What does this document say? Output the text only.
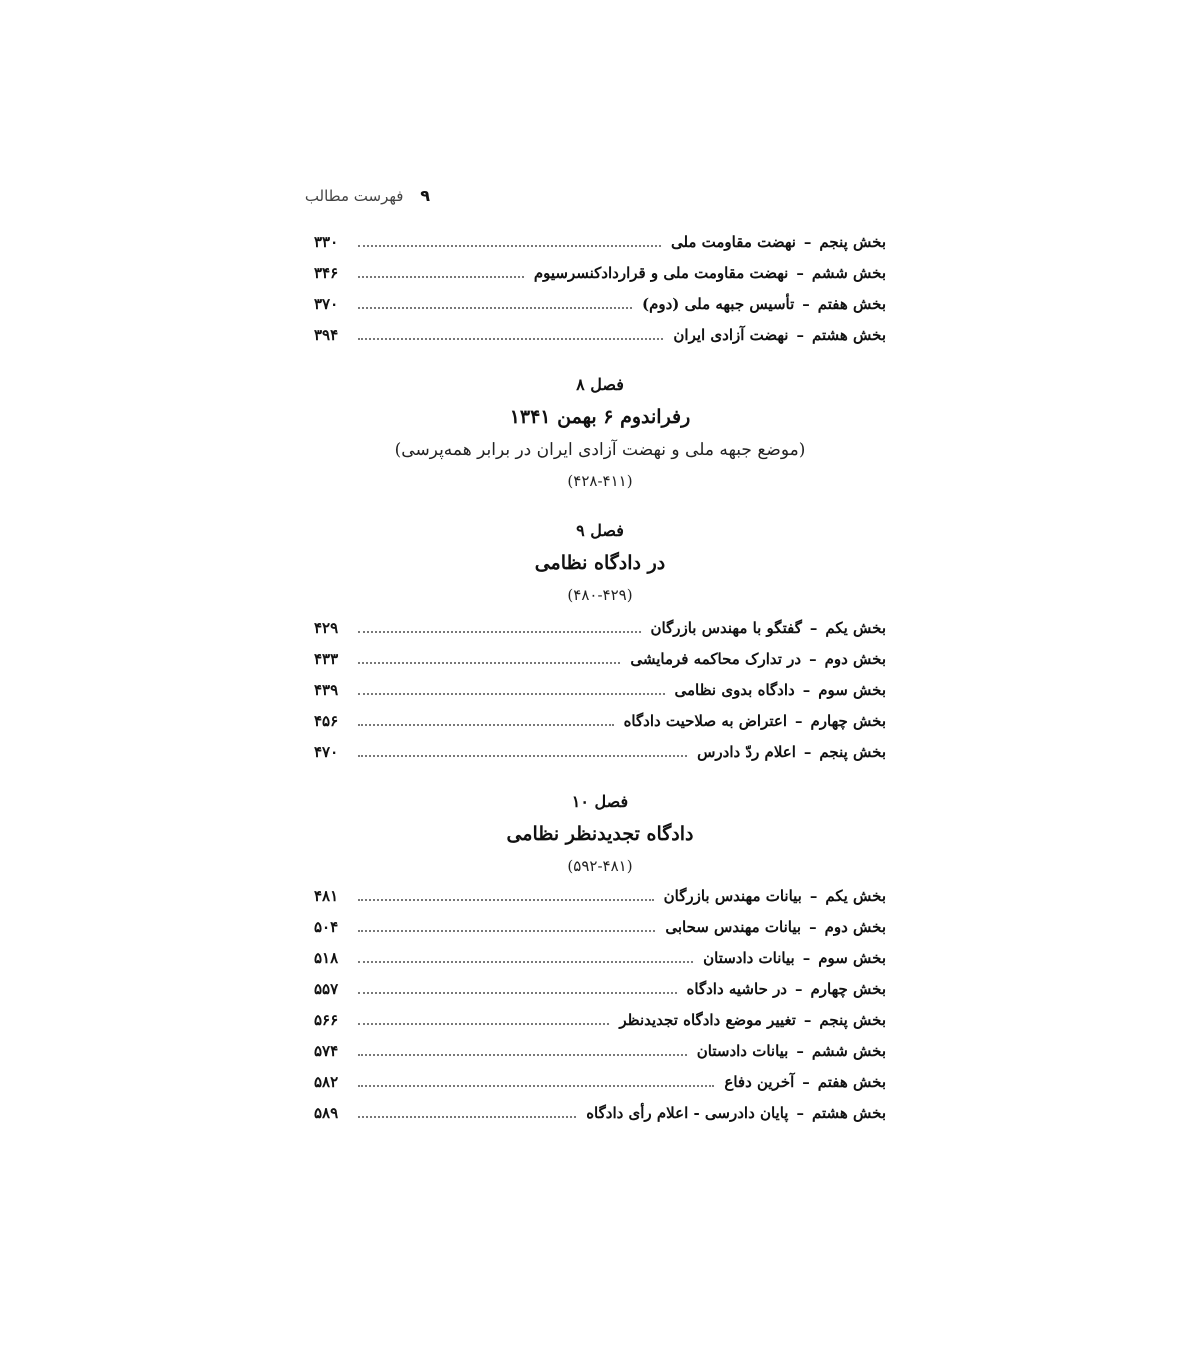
۹ فهرست مطالب
بخش پنجم
–
نهضت مقاومت ملی
۳۳۰
بخش ششم
–
نهضت مقاومت ملی و قراردادکنسرسیوم
۳۴۶
بخش هفتم
–
تأسیس جبهه ملی (دوم)
۳۷۰
بخش هشتم
–
نهضت آزادی ایران
۳۹۴
فصل ۸
رفراندوم ۶ بهمن ۱۳۴۱
(موضع جبهه ملی و نهضت آزادی ایران در برابر همه‌پرسی)
(۴۲۸-۴۱۱)
فصل ۹
در دادگاه نظامی
(۴۸۰-۴۲۹)
بخش یکم
–
گفتگو با مهندس بازرگان
۴۲۹
بخش دوم
–
در تدارک محاکمه فرمایشی
۴۳۳
بخش سوم
–
دادگاه بدوی نظامی
۴۳۹
بخش چهارم
–
اعتراض به صلاحیت دادگاه
۴۵۶
بخش پنجم
–
اعلام ردّ دادرس
۴۷۰
فصل ۱۰
دادگاه تجدیدنظر نظامی
(۵۹۲-۴۸۱)
بخش یکم
–
بیانات مهندس بازرگان
۴۸۱
بخش دوم
–
بیانات مهندس سحابی
۵۰۴
بخش سوم
–
بیانات دادستان
۵۱۸
بخش چهارم
–
در حاشیه دادگاه
۵۵۷
بخش پنجم
–
تغییر موضع دادگاه تجدیدنظر
۵۶۶
بخش ششم
–
بیانات دادستان
۵۷۴
بخش هفتم
–
آخرین دفاع
۵۸۲
بخش هشتم
–
پایان دادرسی - اعلام رأی دادگاه
۵۸۹
